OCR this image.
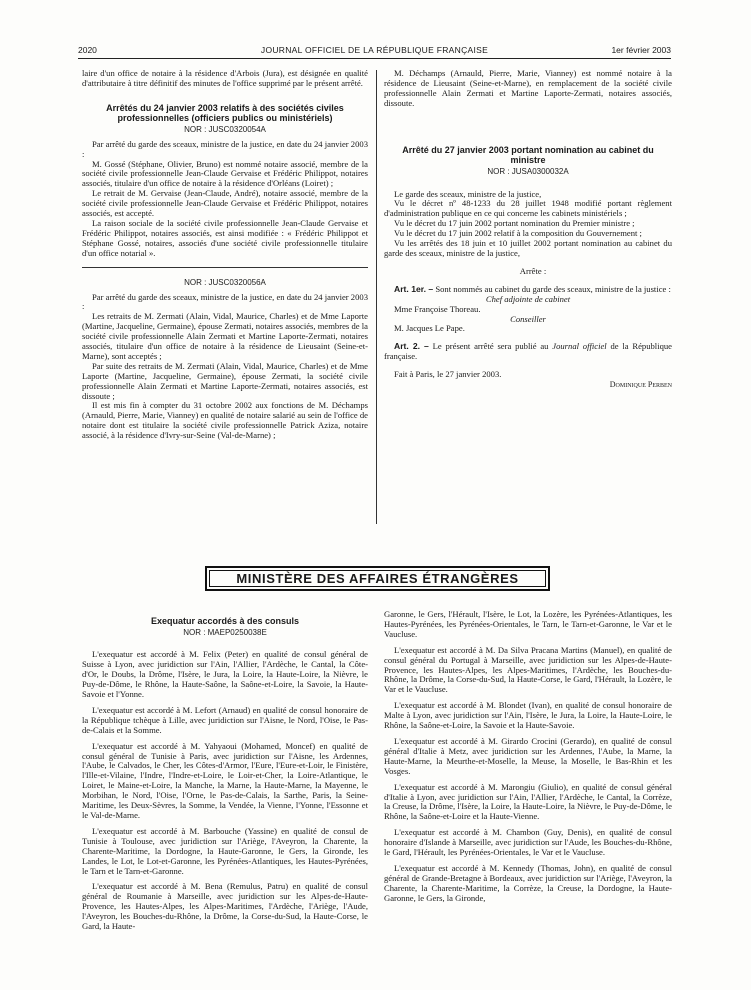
2020	JOURNAL OFFICIEL DE LA RÉPUBLIQUE FRANÇAISE	1er février 2003

laire d'un office de notaire à la résidence d'Arbois (Jura), est désignée en qualité d'attributaire à titre définitif des minutes de l'office supprimé par le présent arrêté.

Arrêtés du 24 janvier 2003 relatifs à des sociétés civiles professionnelles (officiers publics ou ministériels)
NOR : JUSC0320054A

Par arrêté du garde des sceaux, ministre de la justice, en date du 24 janvier 2003 :

M. Gossé (Stéphane, Olivier, Bruno) est nommé notaire associé, membre de la société civile professionnelle Jean-Claude Gervaise et Frédéric Philippot, notaires associés, titulaire d'un office de notaire à la résidence d'Orléans (Loiret) ;

Le retrait de M. Gervaise (Jean-Claude, André), notaire associé, membre de la société civile professionnelle Jean-Claude Gervaise et Frédéric Philippot, notaires associés, est accepté.

La raison sociale de la société civile professionnelle Jean-Claude Gervaise et Frédéric Philippot, notaires associés, est ainsi modifiée : « Frédéric Philippot et Stéphane Gossé, notaires, associés d'une société civile professionnelle titulaire d'un office notarial ».

NOR : JUSC0320056A

Par arrêté du garde des sceaux, ministre de la justice, en date du 24 janvier 2003 :

Les retraits de M. Zermati (Alain, Vidal, Maurice, Charles) et de Mme Laporte (Martine, Jacqueline, Germaine), épouse Zermati, notaires associés, membres de la société civile professionnelle Alain Zermati et Martine Laporte-Zermati, notaires associés, titulaire d'un office de notaire à la résidence de Lieusaint (Seine-et-Marne), sont acceptés ;

Par suite des retraits de M. Zermati (Alain, Vidal, Maurice, Charles) et de Mme Laporte (Martine, Jacqueline, Germaine), épouse Zermati, la société civile professionnelle Alain Zermati et Martine Laporte-Zermati, notaires associés, est dissoute ;

Il est mis fin à compter du 31 octobre 2002 aux fonctions de M. Déchamps (Arnauld, Pierre, Marie, Vianney) en qualité de notaire salarié au sein de l'office de notaire dont est titulaire la société civile professionnelle Patrick Aziza, notaire associé, à la résidence d'Ivry-sur-Seine (Val-de-Marne) ;

M. Déchamps (Arnauld, Pierre, Marie, Vianney) est nommé notaire à la résidence de Lieusaint (Seine-et-Marne), en remplacement de la société civile professionnelle Alain Zermati et Martine Laporte-Zermati, notaires associés, dissoute.

Arrêté du 27 janvier 2003 portant nomination au cabinet du ministre
NOR : JUSA0300032A

Le garde des sceaux, ministre de la justice,

Vu le décret nº 48-1233 du 28 juillet 1948 modifié portant règlement d'administration publique en ce qui concerne les cabinets ministériels ;

Vu le décret du 17 juin 2002 portant nomination du Premier ministre ;

Vu le décret du 17 juin 2002 relatif à la composition du Gouvernement ;

Vu les arrêtés des 18 juin et 10 juillet 2002 portant nomination au cabinet du garde des sceaux, ministre de la justice,

Arrête :

Art. 1er. – Sont nommés au cabinet du garde des sceaux, ministre de la justice :

Chef adjointe de cabinet

Mme Françoise Thoreau.

Conseiller

M. Jacques Le Pape.

Art. 2. – Le présent arrêté sera publié au Journal officiel de la République française.

Fait à Paris, le 27 janvier 2003.

Dominique Perben

MINISTÈRE DES AFFAIRES ÉTRANGÈRES
Exequatur accordés à des consuls
NOR : MAEP0250038E

L'exequatur est accordé à M. Felix (Peter) en qualité de consul général de Suisse à Lyon, avec juridiction sur l'Ain, l'Allier, l'Ardèche, le Cantal, la Côte-d'Or, le Doubs, la Drôme, l'Isère, le Jura, la Loire, la Haute-Loire, la Nièvre, le Puy-de-Dôme, le Rhône, la Haute-Saône, la Saône-et-Loire, la Savoie, la Haute-Savoie et l'Yonne.

L'exequatur est accordé à M. Lefort (Arnaud) en qualité de consul honoraire de la République tchèque à Lille, avec juridiction sur l'Aisne, le Nord, l'Oise, le Pas-de-Calais et la Somme.

L'exequatur est accordé à M. Yahyaoui (Mohamed, Moncef) en qualité de consul général de Tunisie à Paris, avec juridiction sur l'Aisne, les Ardennes, l'Aube, le Calvados, le Cher, les Côtes-d'Armor, l'Eure, l'Eure-et-Loir, le Finistère, l'Ille-et-Vilaine, l'Indre, l'Indre-et-Loire, le Loir-et-Cher, la Loire-Atlantique, le Loiret, le Maine-et-Loire, la Manche, la Marne, la Haute-Marne, la Mayenne, le Morbihan, le Nord, l'Oise, l'Orne, le Pas-de-Calais, la Sarthe, Paris, la Seine-Maritime, les Deux-Sèvres, la Somme, la Vendée, la Vienne, l'Yonne, l'Essonne et le Val-de-Marne.

L'exequatur est accordé à M. Barbouche (Yassine) en qualité de consul de Tunisie à Toulouse, avec juridiction sur l'Ariège, l'Aveyron, la Charente, la Charente-Maritime, la Dordogne, la Haute-Garonne, le Gers, la Gironde, les Landes, le Lot, le Lot-et-Garonne, les Pyrénées-Atlantiques, les Hautes-Pyrénées, le Tarn et le Tarn-et-Garonne.

L'exequatur est accordé à M. Bena (Remulus, Patru) en qualité de consul général de Roumanie à Marseille, avec juridiction sur les Alpes-de-Haute-Provence, les Hautes-Alpes, les Alpes-Maritimes, l'Ardèche, l'Ariège, l'Aude, l'Aveyron, les Bouches-du-Rhône, la Drôme, la Corse-du-Sud, la Haute-Corse, le Gard, la Haute-

Garonne, le Gers, l'Hérault, l'Isère, le Lot, la Lozère, les Pyrénées-Atlantiques, les Hautes-Pyrénées, les Pyrénées-Orientales, le Tarn, le Tarn-et-Garonne, le Var et le Vaucluse.

L'exequatur est accordé à M. Da Silva Pracana Martins (Manuel), en qualité de consul général du Portugal à Marseille, avec juridiction sur les Alpes-de-Haute-Provence, les Hautes-Alpes, les Alpes-Maritimes, l'Ardèche, les Bouches-du-Rhône, la Drôme, la Corse-du-Sud, la Haute-Corse, le Gard, l'Hérault, la Lozère, le Var et le Vaucluse.

L'exequatur est accordé à M. Blondet (Ivan), en qualité de consul honoraire de Malte à Lyon, avec juridiction sur l'Ain, l'Isère, le Jura, la Loire, la Haute-Loire, le Rhône, la Saône-et-Loire, la Savoie et la Haute-Savoie.

L'exequatur est accordé à M. Girardo Crocini (Gerardo), en qualité de consul général d'Italie à Metz, avec juridiction sur les Ardennes, l'Aube, la Marne, la Haute-Marne, la Meurthe-et-Moselle, la Meuse, la Moselle, le Bas-Rhin et les Vosges.

L'exequatur est accordé à M. Marongiu (Giulio), en qualité de consul général d'Italie à Lyon, avec juridiction sur l'Ain, l'Allier, l'Ardèche, le Cantal, la Corrèze, la Creuse, la Drôme, l'Isère, la Loire, la Haute-Loire, la Nièvre, le Puy-de-Dôme, le Rhône, la Saône-et-Loire et la Haute-Vienne.

L'exequatur est accordé à M. Chambon (Guy, Denis), en qualité de consul honoraire d'Islande à Marseille, avec juridiction sur l'Aude, les Bouches-du-Rhône, le Gard, l'Hérault, les Pyrénées-Orientales, le Var et le Vaucluse.

L'exequatur est accordé à M. Kennedy (Thomas, John), en qualité de consul général de Grande-Bretagne à Bordeaux, avec juridiction sur l'Ariège, l'Aveyron, la Charente, la Charente-Maritime, la Corrèze, la Creuse, la Dordogne, la Haute-Garonne, le Gers, la Gironde,
